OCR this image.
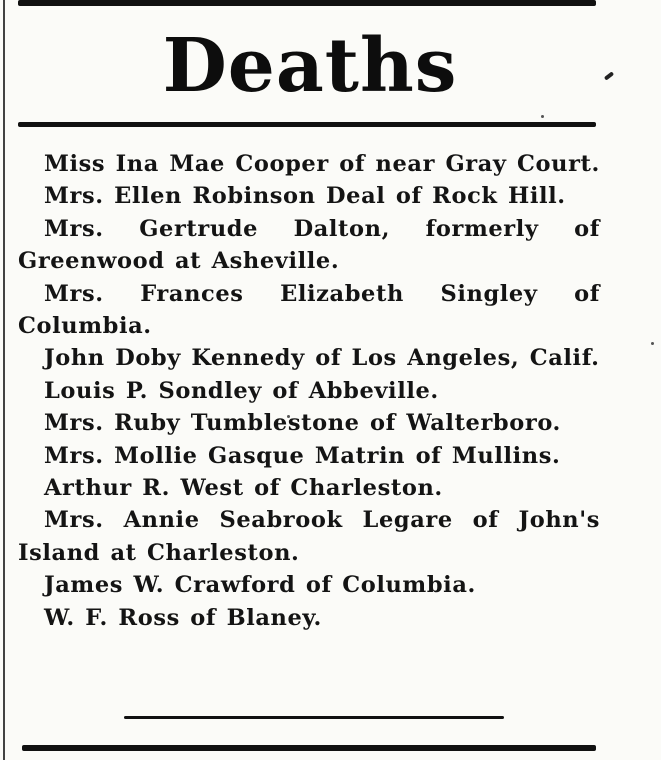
Deaths
Miss Ina Mae Cooper of near Gray Court.
Mrs. Ellen Robinson Deal of Rock Hill.
Mrs. Gertrude Dalton, formerly of Greenwood at Asheville.
Mrs. Frances Elizabeth Singley of Columbia.
John Doby Kennedy of Los Angeles, Calif.
Louis P. Sondley of Abbeville.
Mrs. Ruby Tumblestone of Walterboro.
Mrs. Mollie Gasque Matrin of Mullins.
Arthur R. West of Charleston.
Mrs. Annie Seabrook Legare of John's Island at Charleston.
James W. Crawford of Columbia.
W. F. Ross of Blaney.
